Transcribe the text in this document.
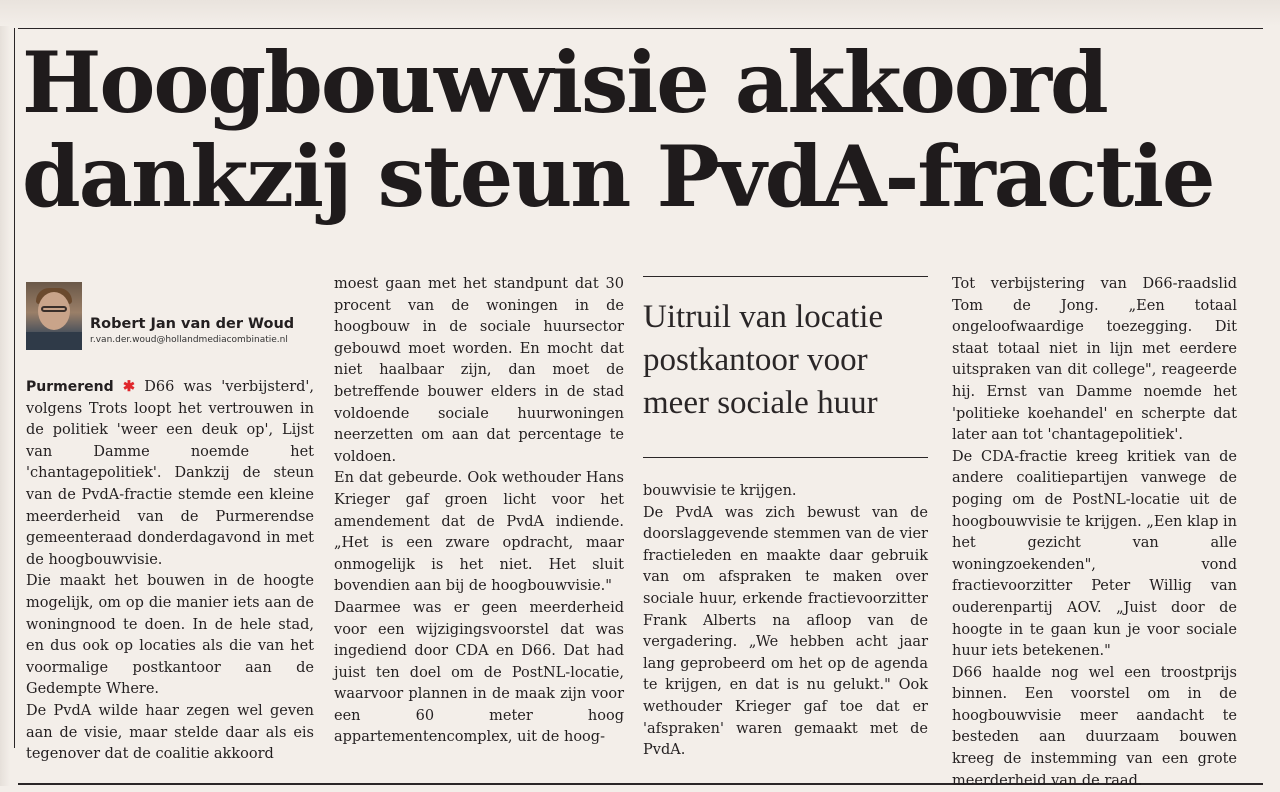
Hoogbouwvisie akkoord
dankzij steun PvdA-fractie
Robert Jan van der Woud
r.van.der.woud@hollandmediacombinatie.nl

Purmerend ✱ D66 was 'verbijsterd', volgens Trots loopt het vertrouwen in de politiek 'weer een deuk op', Lijst van Damme noemde het 'chantagepolitiek'. Dankzij de steun van de PvdA-fractie stemde een kleine meerderheid van de Purmerendse gemeenteraad donderdagavond in met de hoogbouwvisie.

Die maakt het bouwen in de hoogte mogelijk, om op die manier iets aan de woningnood te doen. In de hele stad, en dus ook op locaties als die van het voormalige postkantoor aan de Gedempte Where.

De PvdA wilde haar zegen wel geven aan de visie, maar stelde daar als eis tegenover dat de coalitie akkoord

moest gaan met het standpunt dat 30 procent van de woningen in de hoogbouw in de sociale huursector gebouwd moet worden. En mocht dat niet haalbaar zijn, dan moet de betreffende bouwer elders in de stad voldoende sociale huurwoningen neerzetten om aan dat percentage te voldoen.

En dat gebeurde. Ook wethouder Hans Krieger gaf groen licht voor het amendement dat de PvdA indiende. „Het is een zware opdracht, maar onmogelijk is het niet. Het sluit bovendien aan bij de hoogbouwvisie."

Daarmee was er geen meerderheid voor een wijzigingsvoorstel dat was ingediend door CDA en D66. Dat had juist ten doel om de PostNL-locatie, waarvoor plannen in de maak zijn voor een 60 meter hoog appartementencomplex, uit de hoog-

Uitruil van locatie postkantoor voor meer sociale huur

bouwvisie te krijgen.

De PvdA was zich bewust van de doorslaggevende stemmen van de vier fractieleden en maakte daar gebruik van om afspraken te maken over sociale huur, erkende fractievoorzitter Frank Alberts na afloop van de vergadering. „We hebben acht jaar lang geprobeerd om het op de agenda te krijgen, en dat is nu gelukt." Ook wethouder Krieger gaf toe dat er 'afspraken' waren gemaakt met de PvdA.

Tot verbijstering van D66-raadslid Tom de Jong. „Een totaal ongeloofwaardige toezegging. Dit staat totaal niet in lijn met eerdere uitspraken van dit college", reageerde hij. Ernst van Damme noemde het 'politieke koehandel' en scherpte dat later aan tot 'chantagepolitiek'.

De CDA-fractie kreeg kritiek van de andere coalitiepartijen vanwege de poging om de PostNL-locatie uit de hoogbouwvisie te krijgen. „Een klap in het gezicht van alle woningzoekenden", vond fractievoorzitter Peter Willig van ouderenpartij AOV. „Juist door de hoogte in te gaan kun je voor sociale huur iets betekenen."

D66 haalde nog wel een troostprijs binnen. Een voorstel om in de hoogbouwvisie meer aandacht te besteden aan duurzaam bouwen kreeg de instemming van een grote meerderheid van de raad.
